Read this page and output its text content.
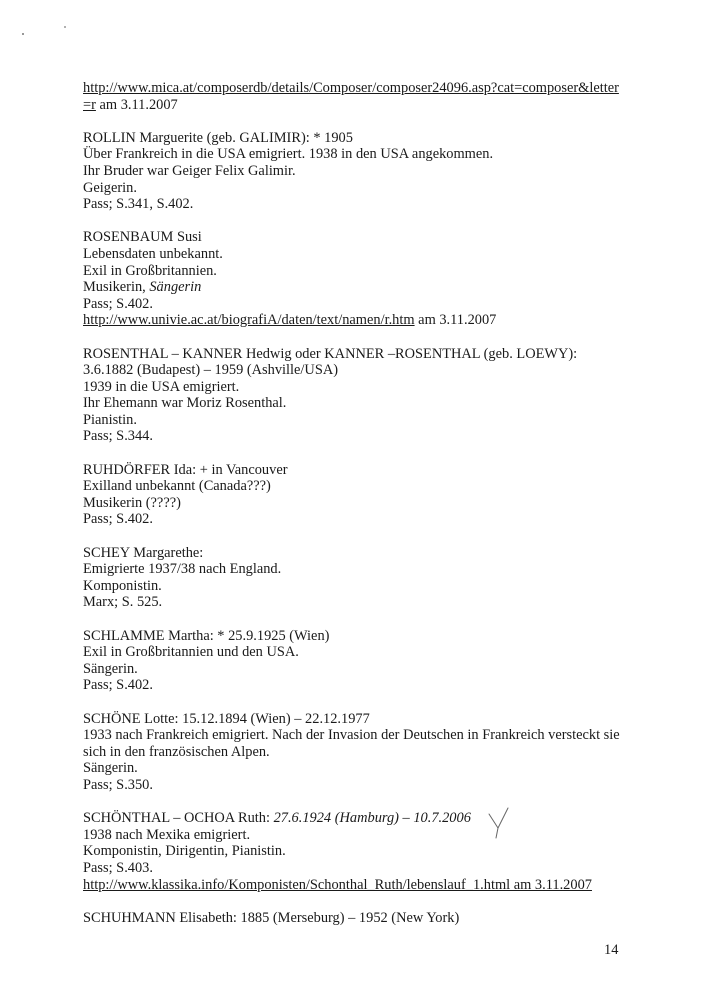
http://www.mica.at/composerdb/details/Composer/composer24096.asp?cat=composer&letter
=r am 3.11.2007
ROLLIN Marguerite (geb. GALIMIR): * 1905
Über Frankreich in die USA emigriert. 1938 in den USA angekommen.
Ihr Bruder war Geiger Felix Galimir.
Geigerin.
Pass; S.341, S.402.
ROSENBAUM Susi
Lebensdaten unbekannt.
Exil in Großbritannien.
Musikerin, Sängerin
Pass; S.402.
http://www.univie.ac.at/biografiA/daten/text/namen/r.htm am 3.11.2007
ROSENTHAL – KANNER Hedwig oder KANNER –ROSENTHAL (geb. LOEWY):
3.6.1882 (Budapest) – 1959 (Ashville/USA)
1939 in die USA emigriert.
Ihr Ehemann war Moriz Rosenthal.
Pianistin.
Pass; S.344.
RUHDÖRFER Ida: + in Vancouver
Exilland unbekannt (Canada???)
Musikerin (????)
Pass; S.402.
SCHEY Margarethe:
Emigrierte 1937/38 nach England.
Komponistin.
Marx; S. 525.
SCHLAMME Martha: * 25.9.1925 (Wien)
Exil in Großbritannien und den USA.
Sängerin.
Pass; S.402.
SCHÖNE Lotte: 15.12.1894 (Wien) – 22.12.1977
1933 nach Frankreich emigriert. Nach der Invasion der Deutschen in Frankreich versteckt sie
sich in den französischen Alpen.
Sängerin.
Pass; S.350.
SCHÖNTHAL – OCHOA Ruth: 27.6.1924 (Hamburg) – 10.7.2006
1938 nach Mexika emigriert.
Komponistin, Dirigentin, Pianistin.
Pass; S.403.
http://www.klassika.info/Komponisten/Schonthal_Ruth/lebenslauf_1.html am 3.11.2007
SCHUHMANN Elisabeth: 1885 (Merseburg) – 1952 (New York)
14
